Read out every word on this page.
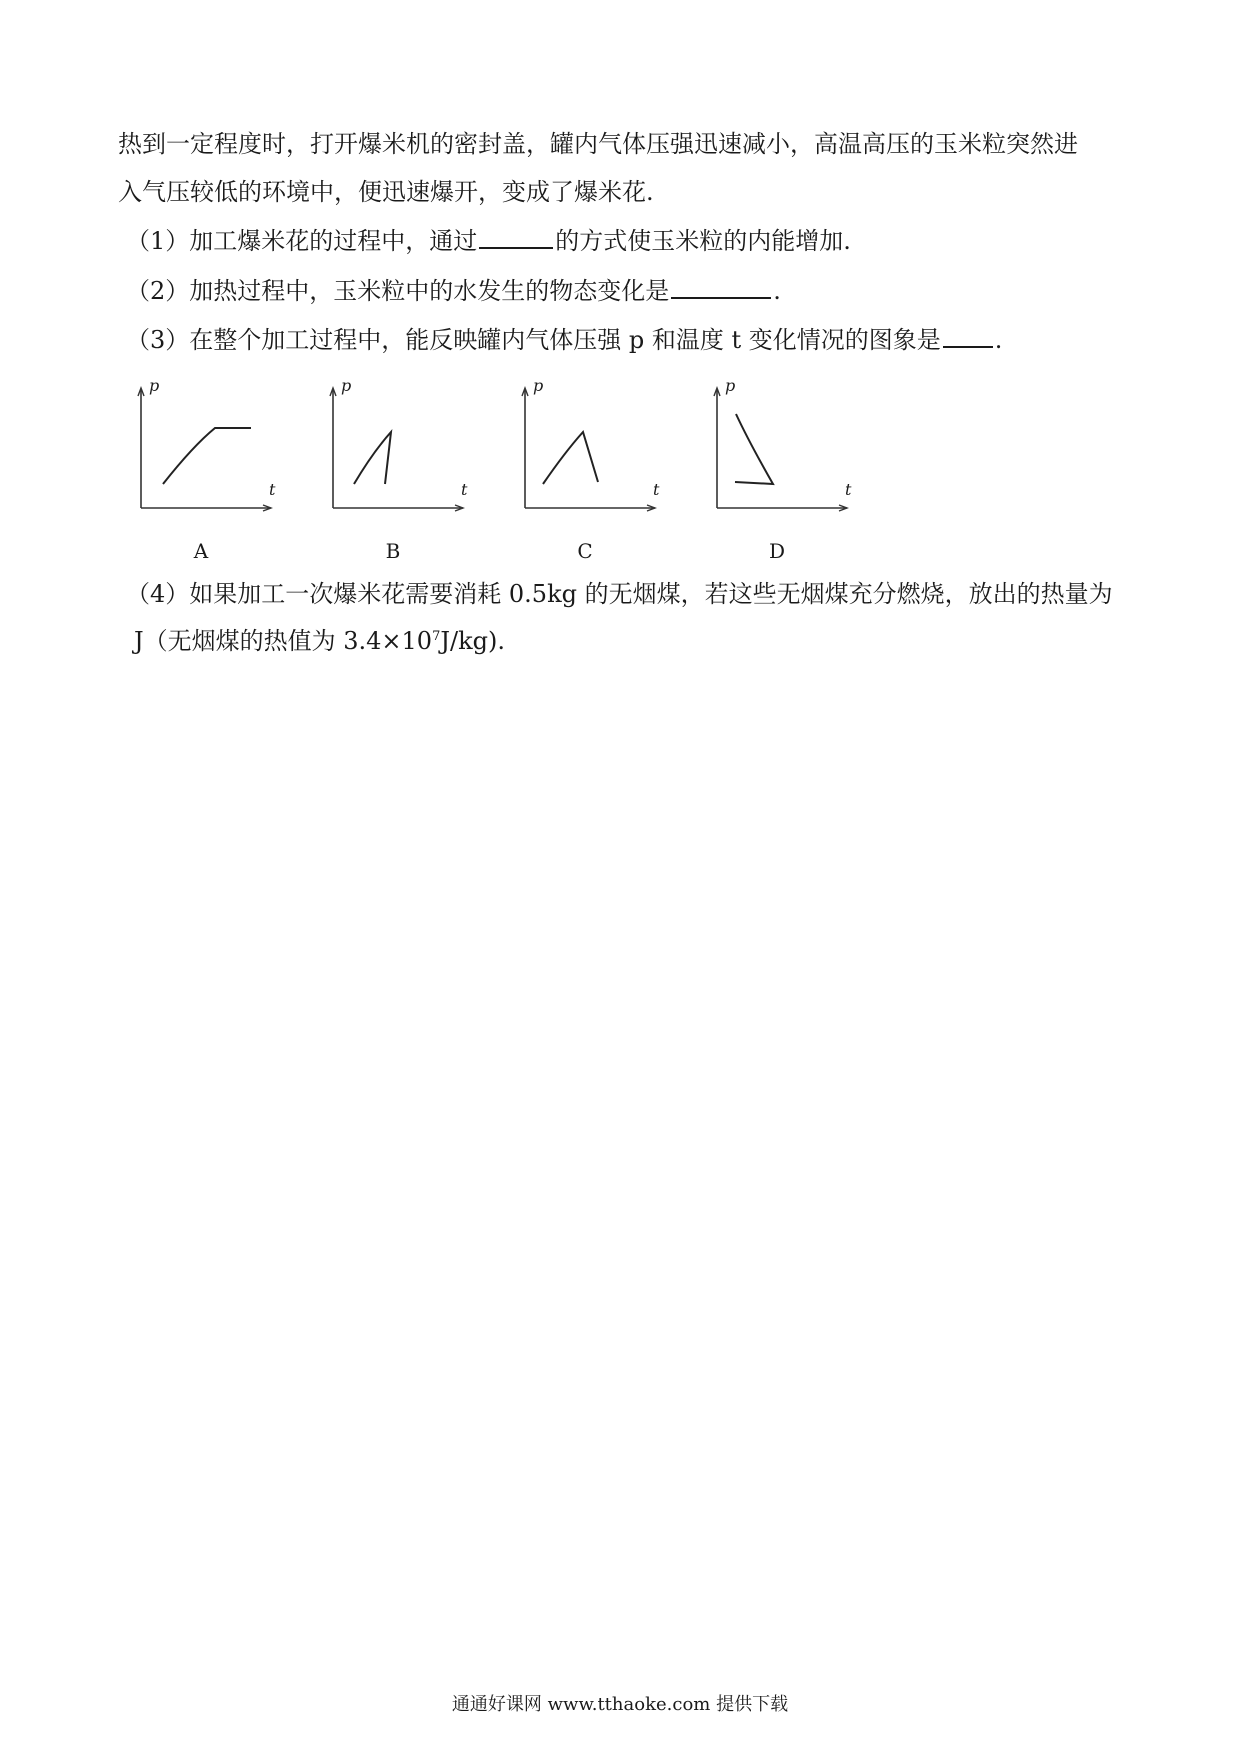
热到一定程度时，打开爆米机的密封盖，罐内气体压强迅速减小，高温高压的玉米粒突然进
入气压较低的环境中，便迅速爆开，变成了爆米花.
（1）加工爆米花的过程中，通过	的方式使玉米粒的内能增加.
（2）加热过程中，玉米粒中的水发生的物态变化是	.
（3）在整个加工过程中，能反映罐内气体压强 p 和温度 t 变化情况的图象是 .
p
t
A
p
t
B
p
t
C
p
t
D
（4）如果加工一次爆米花需要消耗 0.5kg 的无烟煤，若这些无烟煤充分燃烧，放出的热量为
J（无烟煤的热值为 $3.4\times 10^7J/kg$).
通通好课网 www.tthaoke.com 提供下载
